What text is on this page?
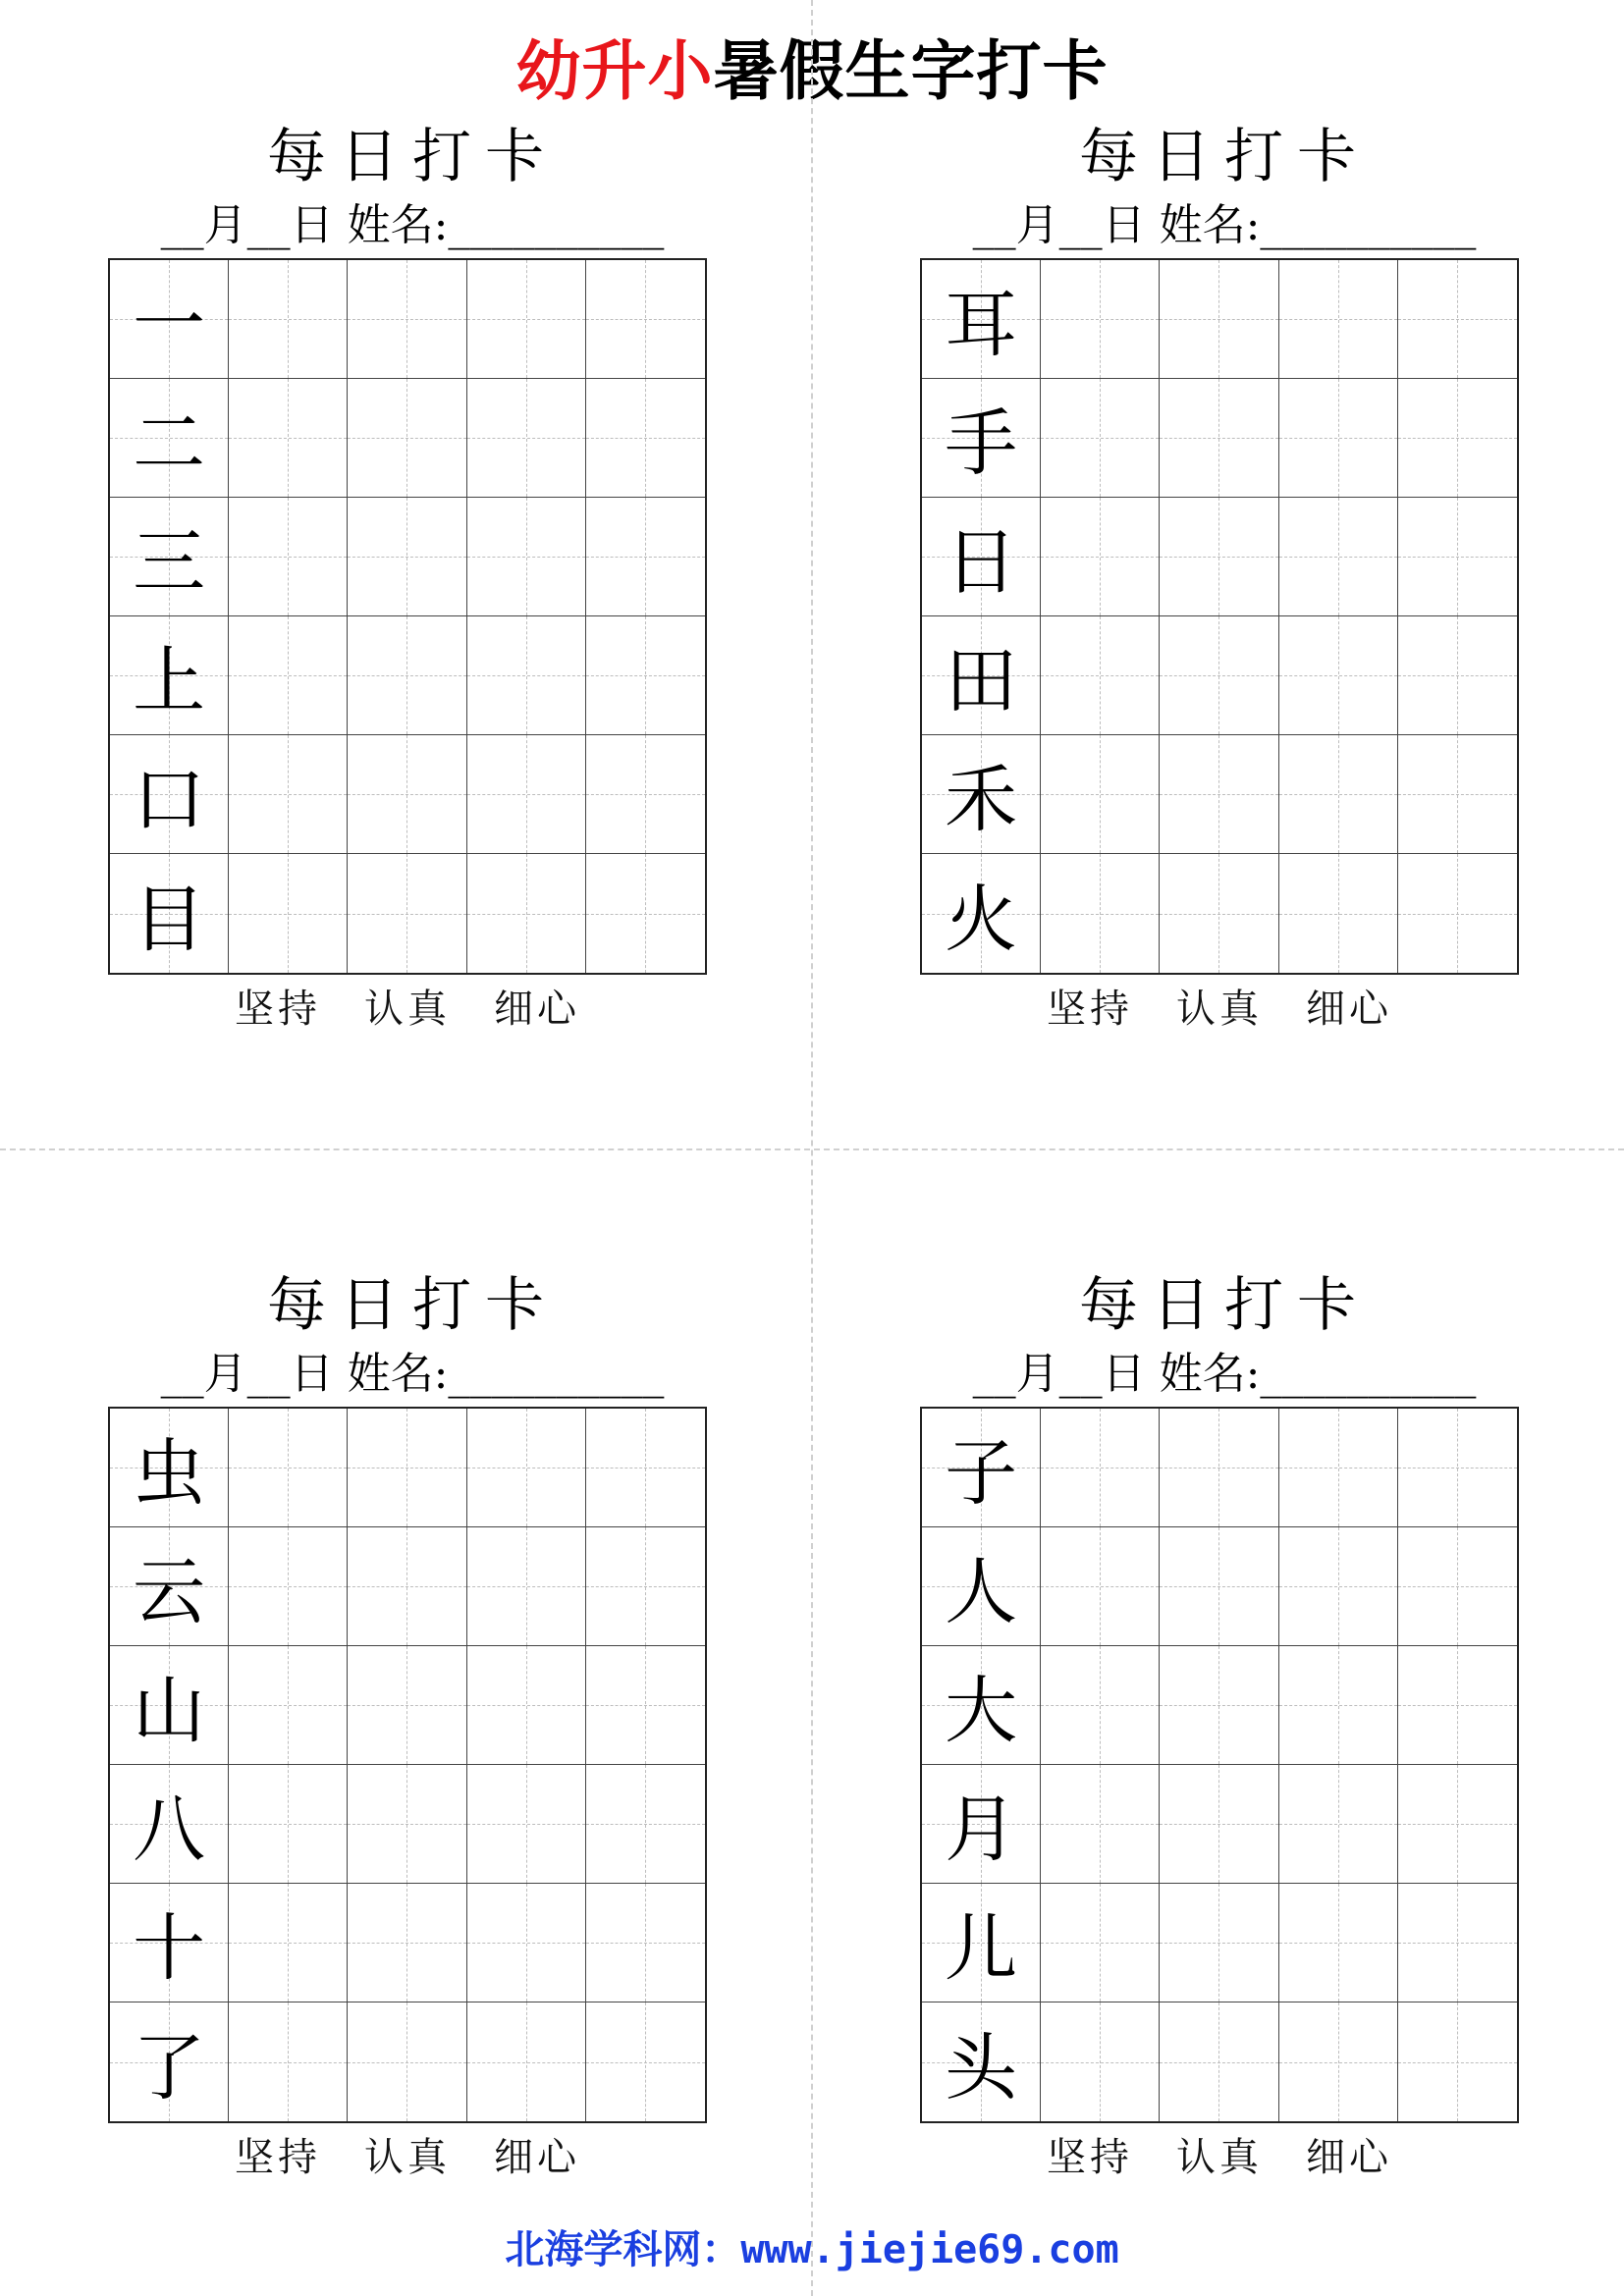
幼升小暑假生字打卡
每日打卡
__月__日 姓名:__________
一
二
三
上
口
目
坚持 认真 细心
每日打卡
__月__日 姓名:__________
耳
手
日
田
禾
火
坚持 认真 细心
每日打卡
__月__日 姓名:__________
虫
云
山
八
十
了
坚持 认真 细心
每日打卡
__月__日 姓名:__________
子
人
大
月
儿
头
坚持 认真 细心
北海学科网：www.jiejie69.com
